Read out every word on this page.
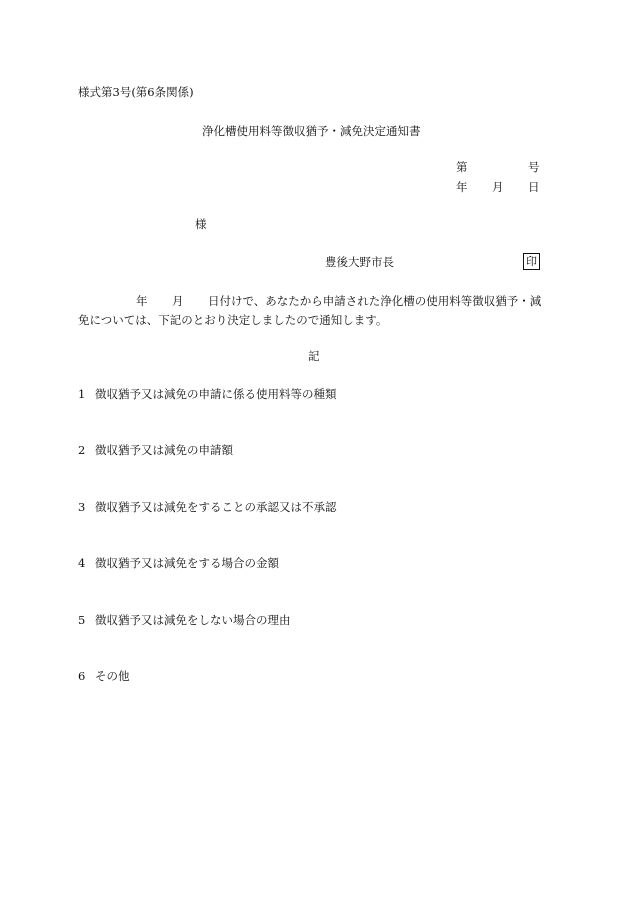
様式第3号(第6条関係)
浄化槽使用料等徴収猶予・減免決定通知書
第	号
年 月 日
様
豊後大野市長	印
年 月 日付けで、あなたから申請された浄化槽の使用料等徴収猶予・減
免については、下記のとおり決定しましたので通知します。
記
1 徴収猶予又は減免の申請に係る使用料等の種類
2 徴収猶予又は減免の申請額
3 徴収猶予又は減免をすることの承認又は不承認
4 徴収猶予又は減免をする場合の金額
5 徴収猶予又は減免をしない場合の理由
6 その他
